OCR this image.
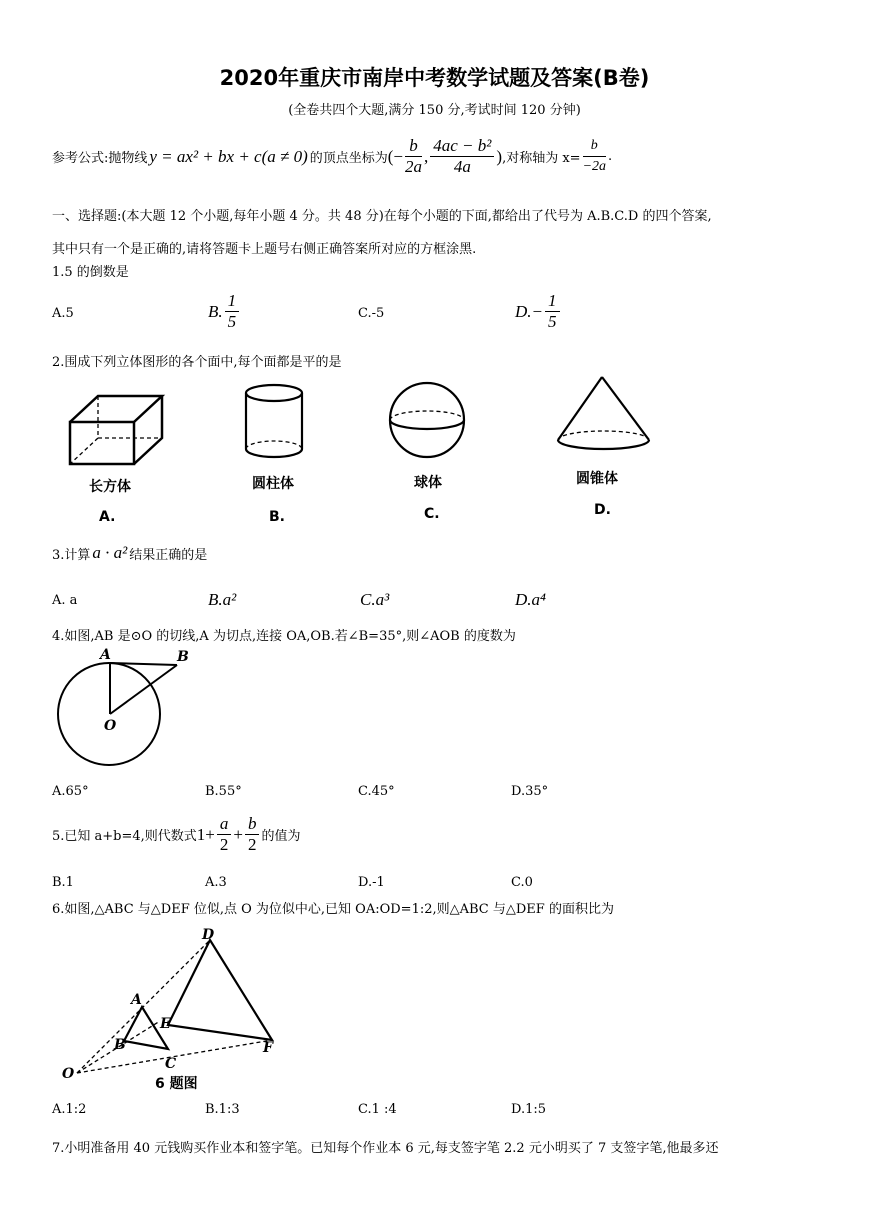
2020年重庆市南岸中考数学试题及答案(B卷)
(全卷共四个大题,满分 150 分,考试时间 120 分钟)
参考公式:抛物线 y = ax² + bx + c(a ≠ 0) 的顶点坐标为 (− $\frac{b}{2a}$ , $\frac{\text{4ac − b²}}{4a}$ ) ,对称轴为 $x= \frac{b}{-2a}$ .
一、选择题:(本大题 12 个小题,每年小题 4 分。共 48 分)在每个小题的下面,都给出了代号为 A.B.C.D 的四个答案,
其中只有一个是正确的,请将答题卡上题号右侧正确答案所对应的方框涂黑.
1.5 的倒数是
A.5	B. $\frac{1}{5}$	C.-5	$D.- \frac{1}{5}$
2.围成下列立体图形的各个面中,每个面都是平的是
长方体
A.
圆柱体
B.
球体
C.
圆锥体
D.
3.计算 a · a² 结果正确的是
A. a	B.a²	C.a³	D.a⁴
4.如图,AB 是⊙O 的切线,A 为切点,连接 OA,OB.若∠B=35°,则∠AOB 的度数为
A	B
O
A.65°	B.55°	C.45°	D.35°
5.已知 a+b=4,则代数式 $1+ \frac{a}{2} + \frac{b}{2}$ 的值为
B.1	A.3	D.-1	C.0
6.如图,△ABC 与△DEF 位似,点 O 为位似中心,已知 OA:OD=1:2,则△ABC 与△DEF 的面积比为
D
A
E
B
C
F
O
6 题图
A.1:2	B.1:3	C.1 :4	D.1:5
7.小明准备用 40 元钱购买作业本和签字笔。已知每个作业本 6 元,每支签字笔 2.2 元小明买了 7 支签字笔,他最多还
